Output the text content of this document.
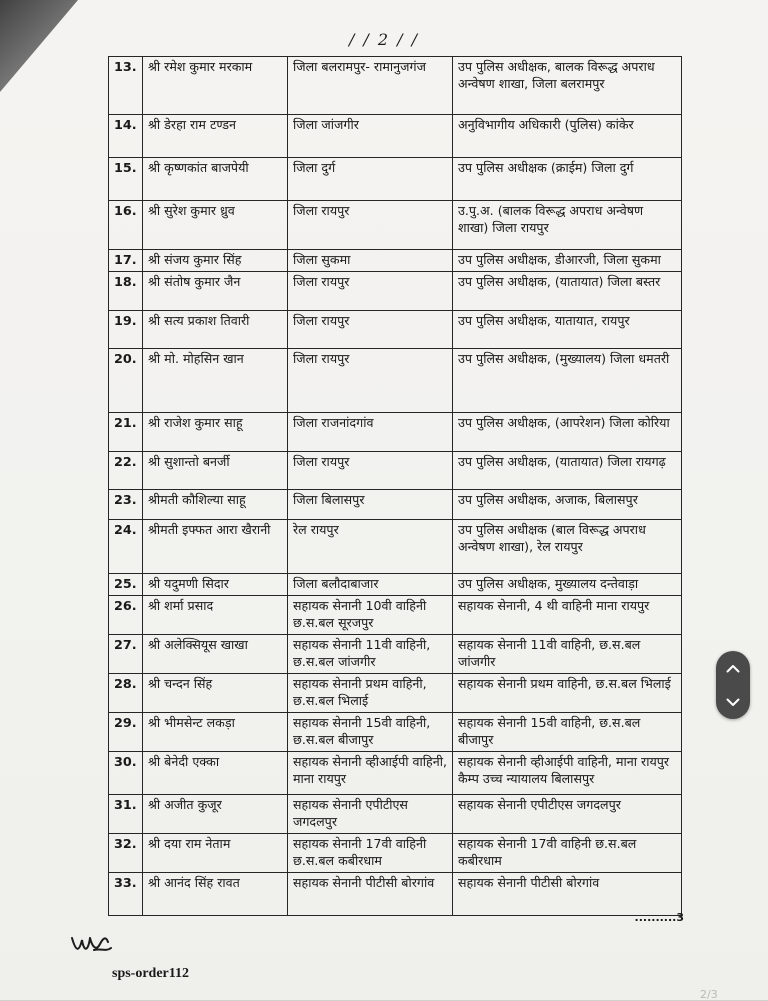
/ / 2 / /
13.	श्री रमेश कुमार मरकाम	जिला बलरामपुर- रामानुजगंज	उप पुलिस अधीक्षक, बालक विरूद्ध अपराध अन्वेषण शाखा, जिला बलरामपुर
14.	श्री डेरहा राम टण्डन	जिला जांजगीर	अनुविभागीय अधिकारी (पुलिस) कांकेर
15.	श्री कृष्णकांत बाजपेयी	जिला दुर्ग	उप पुलिस अधीक्षक (क्राईम) जिला दुर्ग
16.	श्री सुरेश कुमार ध्रुव	जिला रायपुर	उ.पु.अ. (बालक विरूद्ध अपराध अन्वेषण शाखा) जिला रायपुर
17.	श्री संजय कुमार सिंह	जिला सुकमा	उप पुलिस अधीक्षक, डीआरजी, जिला सुकमा
18.	श्री संतोष कुमार जैन	जिला रायपुर	उप पुलिस अधीक्षक, (यातायात) जिला बस्तर
19.	श्री सत्य प्रकाश तिवारी	जिला रायपुर	उप पुलिस अधीक्षक, यातायात, रायपुर
20.	श्री मो. मोहसिन खान	जिला रायपुर	उप पुलिस अधीक्षक, (मुख्यालय) जिला धमतरी
21.	श्री राजेश कुमार साहू	जिला राजनांदगांव	उप पुलिस अधीक्षक, (आपरेशन) जिला कोरिया
22.	श्री सुशान्तो बनर्जी	जिला रायपुर	उप पुलिस अधीक्षक, (यातायात) जिला रायगढ़
23.	श्रीमती कौशिल्या साहू	जिला बिलासपुर	उप पुलिस अधीक्षक, अजाक, बिलासपुर
24.	श्रीमती इफ्फत आरा खैरानी	रेल रायपुर	उप पुलिस अधीक्षक (बाल विरूद्ध अपराध अन्वेषण शाखा), रेल रायपुर
25.	श्री यदुमणी सिदार	जिला बलौदाबाजार	उप पुलिस अधीक्षक, मुख्यालय दन्तेवाड़ा
26.	श्री शर्मा प्रसाद	सहायक सेनानी 10वी वाहिनी छ.स.बल सूरजपुर	सहायक सेनानी, 4 थी वाहिनी माना रायपुर
27.	श्री अलेक्सियूस खाखा	सहायक सेनानी 11वी वाहिनी, छ.स.बल जांजगीर	सहायक सेनानी 11वी वाहिनी, छ.स.बल जांजगीर
28.	श्री चन्दन सिंह	सहायक सेनानी प्रथम वाहिनी, छ.स.बल भिलाई	सहायक सेनानी प्रथम वाहिनी, छ.स.बल भिलाई
29.	श्री भीमसेन्ट लकड़ा	सहायक सेनानी 15वी वाहिनी, छ.स.बल बीजापुर	सहायक सेनानी 15वी वाहिनी, छ.स.बल बीजापुर
30.	श्री बेनेदी एक्का	सहायक सेनानी व्हीआईपी वाहिनी, माना रायपुर	सहायक सेनानी व्हीआईपी वाहिनी, माना रायपुर कैम्प उच्च न्यायालय बिलासपुर
31.	श्री अजीत कुजूर	सहायक सेनानी एपीटीएस जगदलपुर	सहायक सेनानी एपीटीएस जगदलपुर
32.	श्री दया राम नेताम	सहायक सेनानी 17वी वाहिनी छ.स.बल कबीरधाम	सहायक सेनानी 17वी वाहिनी छ.स.बल कबीरधाम
33.	श्री आनंद सिंह रावत	सहायक सेनानी पीटीसी बोरगांव	सहायक सेनानी पीटीसी बोरगांव
..........3
sps-order112
2/3
